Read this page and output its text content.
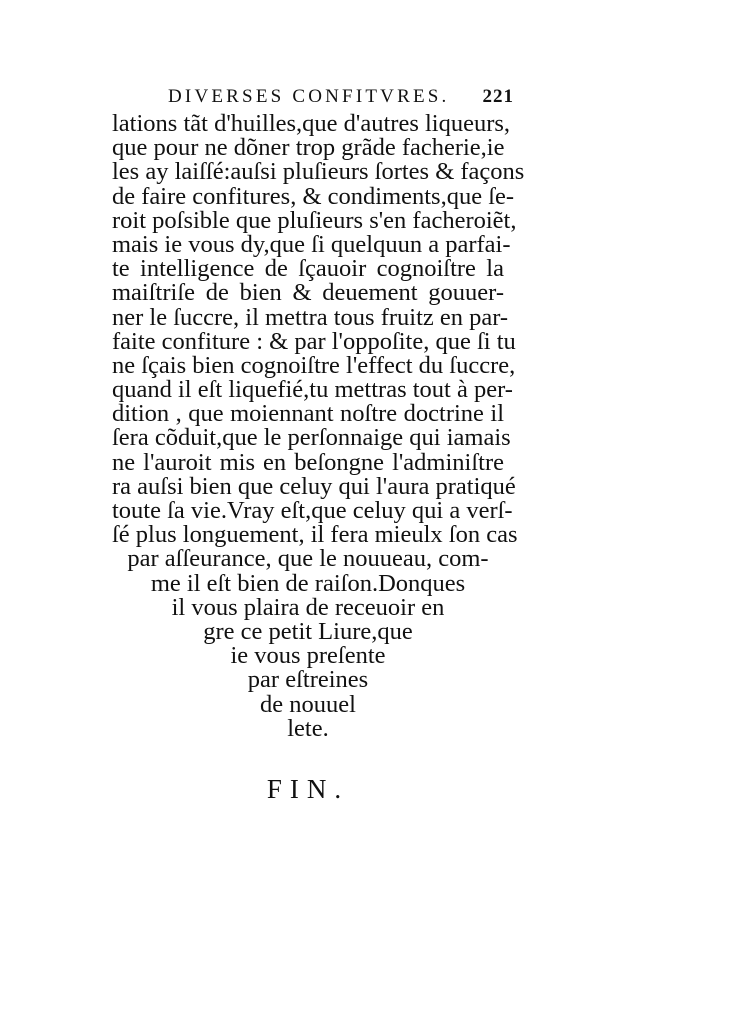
DIVERSES CONFITVRES. 221
lations tãt d'huilles,que d'autres liqueurs,
que pour ne dõner trop grãde facherie,ie
les ay laiſſé:auſsi pluſieurs ſortes & façons
de faire confitures, & condiments,que ſe-
roit poſsible que pluſieurs s'en facheroiẽt,
mais ie vous dy,que ſi quelquun a parfai-
te intelligence de ſçauoir cognoiſtre la
maiſtriſe de bien & deuement gouuer-
ner le ſuccre, il mettra tous fruitz en par-
faite confiture : & par l'oppoſite, que ſi tu
ne ſçais bien cognoiſtre l'effect du ſuccre,
quand il eſt liquefié,tu mettras tout à per-
dition , que moiennant noſtre doctrine il
ſera cõduit,que le perſonnaige qui iamais
ne l'auroit mis en beſongne l'adminiſtre
ra auſsi bien que celuy qui l'aura pratiqué
toute ſa vie.Vray eſt,que celuy qui a verſ-
ſé plus longuement, il fera mieulx ſon cas
par aſſeurance, que le nouueau, com-
me il eſt bien de raiſon.Donques
il vous plaira de receuoir en
gre ce petit Liure,que
ie vous preſente
par eſtreines
de nouuel
lete.
FIN.
